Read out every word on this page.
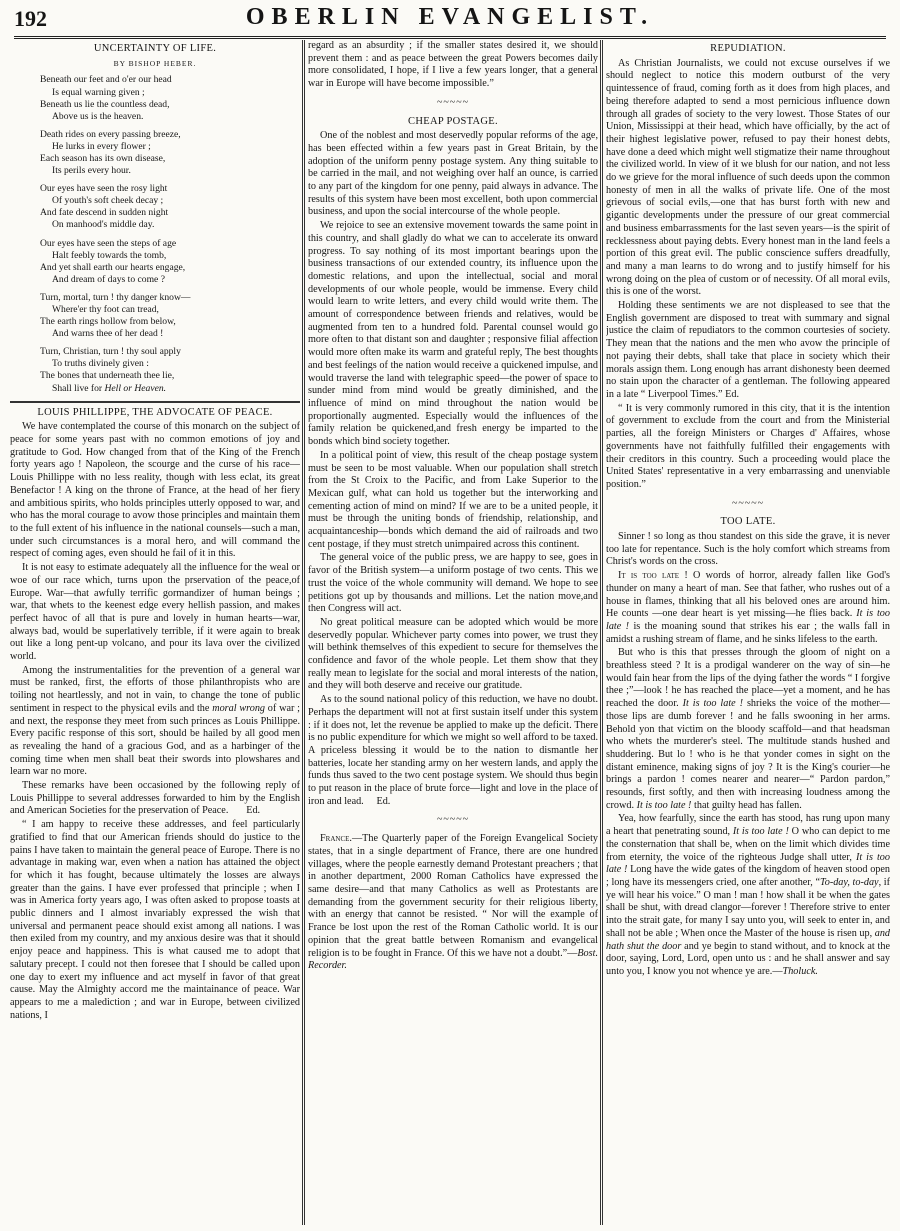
192	OBERLIN EVANGELIST.
UNCERTAINTY OF LIFE.
BY BISHOP HEBER.
Beneath our feet and o'er our head
Is equal warning given ;
Beneath us lie the countless dead,
Above us is the heaven.
Death rides on every passing breeze,
He lurks in every flower ;
Each season has its own disease,
Its perils every hour.
Our eyes have seen the rosy light
Of youth's soft cheek decay ;
And fate descend in sudden night
On manhood's middle day.
Our eyes have seen the steps of age
Halt feebly towards the tomb,
And yet shall earth our hearts engage,
And dream of days to come ?
Turn, mortal, turn ! thy danger know—
Where'er thy foot can tread,
The earth rings hollow from below,
And warns thee of her dead !
Turn, Christian, turn ! thy soul apply
To truths divinely given :
The bones that underneath thee lie,
Shall live for Hell or Heaven.
LOUIS PHILLIPPE, THE ADVOCATE OF PEACE.

We have contemplated the course of this monarch on the subject of peace for some years past with no common emotions of joy and gratitude to God. How changed from that of the King of the French forty years ago ! Napoleon, the scourge and the curse of his race—Louis Phillippe with no less reality, though with less eclat, its great Benefactor ! A king on the throne of France, at the head of her fiery and ambitious spirits, who holds principles utterly opposed to war, and who has the moral courage to avow those principles and maintain them to the full extent of his influence in the national counsels—such a man, under such circumstances is a moral hero, and will command the respect of coming ages, even should he fail of it in this.

It is not easy to estimate adequately all the influence for the weal or woe of our race which, turns upon the prservation of the peace,of Europe. War—that awfully terrific gormandizer of human beings ; war, that whets to the keenest edge every hellish passion, and makes perfect havoc of all that is pure and lovely in human hearts—war, always bad, would be superlatively terrible, if it were again to break out like a long pent-up volcano, and pour its lava over the civilized world.

Among the instrumentalities for the prevention of a general war must be ranked, first, the efforts of those philanthropists who are toiling not heartlessly, and not in vain, to change the tone of public sentiment in respect to the physical evils and the moral wrong of war ; and next, the response they meet from such princes as Louis Phillippe. Every pacific response of this sort, should be hailed by all good men as revealing the hand of a gracious God, and as a harbinger of the coming time when men shall beat their swords into plowshares and learn war no more.

These remarks have been occasioned by the following reply of Louis Phillippe to several addresses forwarded to him by the English and American Societies for the preservation of Peace. Ed.

“ I am happy to receive these addresses, and feel particularly gratified to find that our American friends should do justice to the pains I have taken to maintain the general peace of Europe. There is no advantage in making war, even when a nation has attained the object for which it has fought, because ultimately the losses are always greater than the gains. I have ever professed that principle ; when I was in America forty years ago, I was often asked to propose toasts at public dinners and I almost invariably expressed the wish that universal and permanent peace should exist among all nations. I was then exiled from my country, and my anxious desire was that it should enjoy peace and happiness. This is what caused me to adopt that salutary precept. I could not then foresee that I should be called upon one day to exert my influence and act myself in favor of that great cause. May the Almighty accord me the maintainance of peace. War appears to me a malediction ; and war in Europe, between civilized nations, I

regard as an absurdity ; if the smaller states desired it, we should prevent them : and as peace between the great Powers becomes daily more consolidated, I hope, if I live a few years longer, that a general war in Europe will have become impossible.”

~~~~~
CHEAP POSTAGE.

One of the noblest and most deservedly popular reforms of the age, has been effected within a few years past in Great Britain, by the adoption of the uniform penny postage system. Any thing suitable to be carried in the mail, and not weighing over half an ounce, is carried to any part of the kingdom for one penny, paid always in advance. The results of this system have been most excellent, both upon commercial business, and upon the social intercourse of the whole people.

We rejoice to see an extensive movement towards the same point in this country, and shall gladly do what we can to accelerate its onward progress. To say nothing of its most important bearings upon the business transactions of our extended country, its influence upon the domestic relations, and upon the intellectual, social and moral developments of our whole people, would be immense. Every child would learn to write letters, and every child would write them. The amount of correspondence between friends and relatives, would be augmented from ten to a hundred fold. Parental counsel would go more often to that distant son and daughter ; responsive filial affection would more often make its warm and grateful reply, The best thoughts and best feelings of the nation would receive a quickened impulse, and would traverse the land with telegraphic speed—the power of space to sunder mind from mind would be greatly diminished, and the influence of mind on mind throughout the nation would be proportionally augmented. Especially would the influences of the family relation be quickened,and fresh energy be imparted to the bonds which bind society together.

In a political point of view, this result of the cheap postage system must be seen to be most valuable. When our population shall stretch from the St Croix to the Pacific, and from Lake Superior to the Mexican gulf, what can hold us together but the interworking and cementing action of mind on mind? If we are to be a united people, it must be through the uniting bonds of friendship, relationship, and acquaintanceship—bonds which demand the aid of railroads and two cent postage, if they must stretch unimpaired across this continent.

The general voice of the public press, we are happy to see, goes in favor of the British system—a uniform postage of two cents. This we trust the voice of the whole community will demand. We hope to see petitions got up by thousands and millions. Let the nation move,and then Congress will act.

No great political measure can be adopted which would be more deservedly popular. Whichever party comes into power, we trust they will bethink themselves of this expedient to secure for themselves the confidence and favor of the whole people. Let them show that they really mean to legislate for the social and moral interests of the nation, and they will both deserve and receive our gratitude.

As to the sound national policy of this reduction, we have no doubt. Perhaps the department will not at first sustain itself under this system : if it does not, let the revenue be applied to make up the deficit. There is no public expenditure for which we might so well afford to be taxed. A priceless blessing it would be to the nation to dismantle her batteries, locate her standing army on her western lands, and apply the funds thus saved to the two cent postage system. We should thus begin to put reason in the place of brute force—light and love in the place of iron and lead. Ed.

~~~~~

France.—The Quarterly paper of the Foreign Evangelical Society states, that in a single department of France, there are one hundred villages, where the people earnestly demand Protestant preachers ; that in another department, 2000 Roman Catholics have expressed the same desire—and that many Catholics as well as Protestants are demanding from the government security for their religious liberty, with an energy that cannot be resisted. “ Nor will the example of France be lost upon the rest of the Roman Catholic world. It is our opinion that the great battle between Romanism and evangelical religion is to be fought in France. Of this we have not a doubt.”—Bost. Recorder.

REPUDIATION.

As Christian Journalists, we could not excuse ourselves if we should neglect to notice this modern outburst of the very quintessence of fraud, coming forth as it does from high places, and being therefore adapted to send a most pernicious influence down through all grades of society to the very lowest. Those States of our Union, Mississippi at their head, which have officially, by the act of their highest legislative power, refused to pay their honest debts, have done a deed which might well stigmatize their name throughout the civilized world. In view of it we blush for our nation, and not less do we grieve for the moral influence of such deeds upon the common honesty of men in all the walks of private life. One of the most grievous of social evils,—one that has burst forth with new and gigantic developments under the pressure of our great commercial and business embarrassments for the last seven years—is the spirit of recklessness about paying debts. Every honest man in the land feels a portion of this great evil. The public conscience suffers dreadfully, and many a man learns to do wrong and to justify himself for his wrong doing on the plea of custom or of necessity. Of all moral evils, this is one of the worst.

Holding these sentiments we are not displeased to see that the English government are disposed to treat with summary and signal justice the claim of repudiators to the common courtesies of society. They mean that the nations and the men who avow the principle of not paying their debts, shall take that place in society which their morals assign them. Long enough has arrant dishonesty been deemed no stain upon the character of a gentleman. The following appeared in a late “ Liverpool Times.” Ed.

“ It is very commonly rumored in this city, that it is the intention of government to exclude from the court and from the Ministerial parties, all the foreign Ministers or Charges d' Affaires, whose governments have not faithfully fulfilled their engagements with their creditors in this country. Such a proceeding would place the United States' representative in a very embarrassing and unenviable position.”

~~~~~
TOO LATE.

Sinner ! so long as thou standest on this side the grave, it is never too late for repentance. Such is the holy comfort which streams from Christ's words on the cross.

It is too late ! O words of horror, already fallen like God's thunder on many a heart of man. See that father, who rushes out of a house in flames, thinking that all his beloved ones are around him. He counts —one dear heart is yet missing—he flies back. It is too late ! is the moaning sound that strikes his ear ; the walls fall in amidst a rushing stream of flame, and he sinks lifeless to the earth.

But who is this that presses through the gloom of night on a breathless steed ? It is a prodigal wanderer on the way of sin—he would fain hear from the lips of the dying father the words “ I forgive thee ;”—look ! he has reached the place—yet a moment, and he has reached the door. It is too late ! shrieks the voice of the mother—those lips are dumb forever ! and he falls swooning in her arms. Behold yon that victim on the bloody scaffold—and that headsman who whets the murderer's steel. The multitude stands hushed and shuddering. But lo ! who is he that yonder comes in sight on the distant eminence, making signs of joy ? It is the King's courier—he brings a pardon ! comes nearer and nearer—“ Pardon pardon,” resounds, first softly, and then with increasing loudness among the crowd. It is too late ! that guilty head has fallen.

Yea, how fearfully, since the earth has stood, has rung upon many a heart that penetrating sound, It is too late ! O who can depict to me the consternation that shall be, when on the limit which divides time from eternity, the voice of the righteous Judge shall utter, It is too late ! Long have the wide gates of the kingdom of heaven stood open ; long have its messengers cried, one after another, “To-day, to-day, if ye will hear his voice.” O man ! man ! how shall it be when the gates shall be shut, with dread clangor—forever ! Therefore strive to enter into the strait gate, for many I say unto you, will seek to enter in, and shall not be able ; When once the Master of the house is risen up, and hath shut the door and ye begin to stand without, and to knock at the door, saying, Lord, Lord, open unto us : and he shall answer and say unto you, I know you not whence ye are.—Tholuck.
